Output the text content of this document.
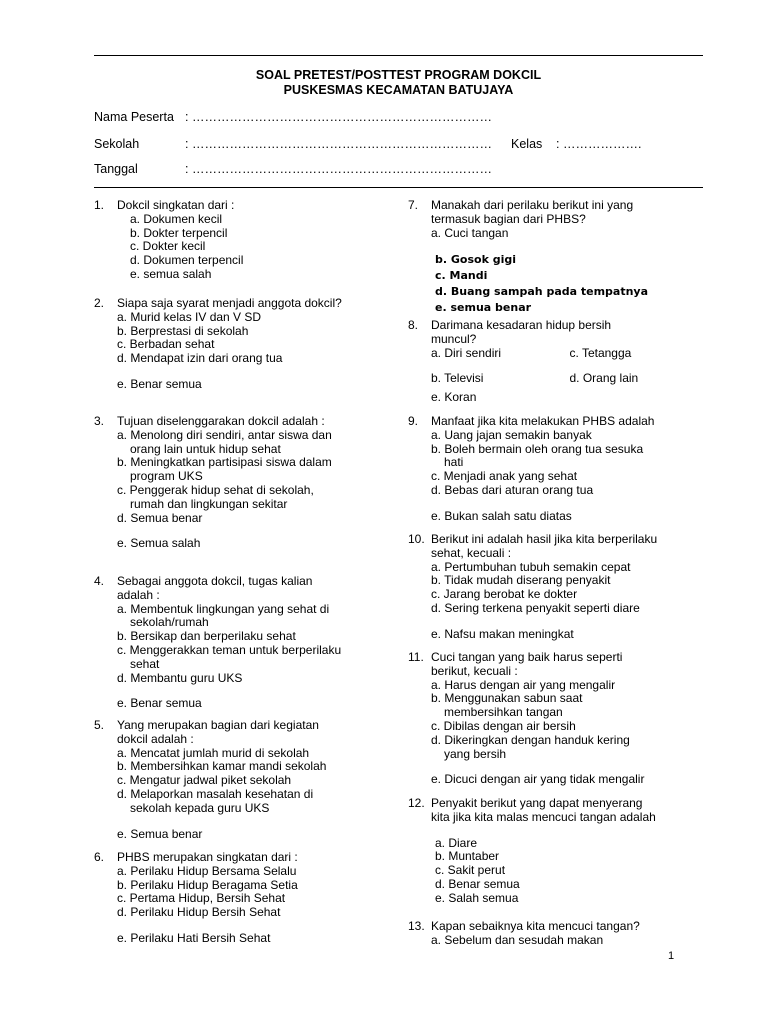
SOAL PRETEST/POSTTEST PROGRAM DOKCIL
PUSKESMAS KECAMATAN BATUJAYA
Nama Peserta : ………………………………………………………………
Sekolah	: ……………………………………………………………… Kelas : ……………….
Tanggal	: ………………………………………………………………
1. Dokcil singkatan dari :
a. Dokumen kecil
b. Dokter terpencil
c. Dokter kecil
d. Dokumen terpencil
e. semua salah
2. Siapa saja syarat menjadi anggota dokcil?
a. Murid kelas IV dan V SD
b. Berprestasi di sekolah
c. Berbadan sehat
d. Mendapat izin dari orang tua
e. Benar semua
3. Tujuan diselenggarakan dokcil adalah :
a. Menolong diri sendiri, antar siswa dan
orang lain untuk hidup sehat
b. Meningkatkan partisipasi siswa dalam
program UKS
c. Penggerak hidup sehat di sekolah,
rumah dan lingkungan sekitar
d. Semua benar
e. Semua salah
4. Sebagai anggota dokcil, tugas kalian
adalah :
a. Membentuk lingkungan yang sehat di
sekolah/rumah
b. Bersikap dan berperilaku sehat
c. Menggerakkan teman untuk berperilaku
sehat
d. Membantu guru UKS
e. Benar semua
5. Yang merupakan bagian dari kegiatan
dokcil adalah :
a. Mencatat jumlah murid di sekolah
b. Membersihkan kamar mandi sekolah
c. Mengatur jadwal piket sekolah
d. Melaporkan masalah kesehatan di
sekolah kepada guru UKS
e. Semua benar
6. PHBS merupakan singkatan dari :
a. Perilaku Hidup Bersama Selalu
b. Perilaku Hidup Beragama Setia
c. Pertama Hidup, Bersih Sehat
d. Perilaku Hidup Bersih Sehat
e. Perilaku Hati Bersih Sehat
7. Manakah dari perilaku berikut ini yang
termasuk bagian dari PHBS?
a. Cuci tangan
b. Gosok gigi
c. Mandi
d. Buang sampah pada tempatnya
e. semua benar
8. Darimana kesadaran hidup bersih
muncul?
a. Diri sendiri	c. Tetangga
b. Televisi	d. Orang lain
e. Koran
9. Manfaat jika kita melakukan PHBS adalah
a. Uang jajan semakin banyak
b. Boleh bermain oleh orang tua sesuka
hati
c. Menjadi anak yang sehat
d. Bebas dari aturan orang tua
e. Bukan salah satu diatas
10. Berikut ini adalah hasil jika kita berperilaku
sehat, kecuali :
a. Pertumbuhan tubuh semakin cepat
b. Tidak mudah diserang penyakit
c. Jarang berobat ke dokter
d. Sering terkena penyakit seperti diare
e. Nafsu makan meningkat
11. Cuci tangan yang baik harus seperti
berikut, kecuali :
a. Harus dengan air yang mengalir
b. Menggunakan sabun saat
membersihkan tangan
c. Dibilas dengan air bersih
d. Dikeringkan dengan handuk kering
yang bersih
e. Dicuci dengan air yang tidak mengalir
12. Penyakit berikut yang dapat menyerang
kita jika kita malas mencuci tangan adalah
a. Diare
b. Muntaber
c. Sakit perut
d. Benar semua
e. Salah semua
13. Kapan sebaiknya kita mencuci tangan?
a. Sebelum dan sesudah makan
1
